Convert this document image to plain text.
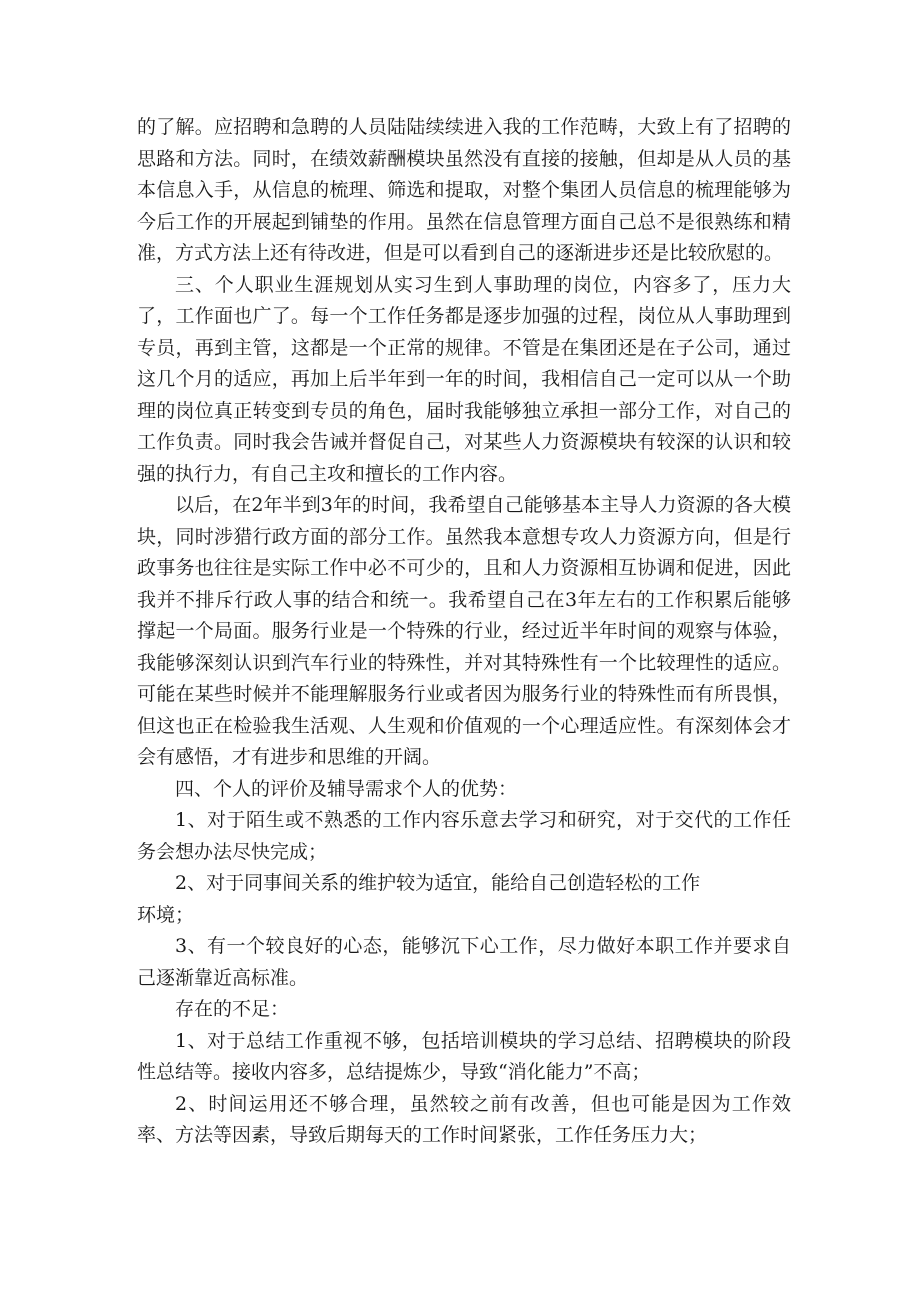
的了解。应招聘和急聘的人员陆陆续续进入我的工作范畴，大致上有了招聘的思路和方法。同时，在绩效薪酬模块虽然没有直接的接触，但却是从人员的基本信息入手，从信息的梳理、筛选和提取，对整个集团人员信息的梳理能够为今后工作的开展起到铺垫的作用。虽然在信息管理方面自己总不是很熟练和精准，方式方法上还有待改进，但是可以看到自己的逐渐进步还是比较欣慰的。

三、个人职业生涯规划从实习生到人事助理的岗位，内容多了，压力大了，工作面也广了。每一个工作任务都是逐步加强的过程，岗位从人事助理到专员，再到主管，这都是一个正常的规律。不管是在集团还是在子公司，通过这几个月的适应，再加上后半年到一年的时间，我相信自己一定可以从一个助理的岗位真正转变到专员的角色，届时我能够独立承担一部分工作，对自己的工作负责。同时我会告诫并督促自己，对某些人力资源模块有较深的认识和较强的执行力，有自己主攻和擅长的工作内容。

以后，在2年半到3年的时间，我希望自己能够基本主导人力资源的各大模块，同时涉猎行政方面的部分工作。虽然我本意想专攻人力资源方向，但是行政事务也往往是实际工作中必不可少的，且和人力资源相互协调和促进，因此我并不排斥行政人事的结合和统一。我希望自己在3年左右的工作积累后能够撑起一个局面。服务行业是一个特殊的行业，经过近半年时间的观察与体验，我能够深刻认识到汽车行业的特殊性，并对其特殊性有一个比较理性的适应。可能在某些时候并不能理解服务行业或者因为服务行业的特殊性而有所畏惧，但这也正在检验我生活观、人生观和价值观的一个心理适应性。有深刻体会才会有感悟，才有进步和思维的开阔。

四、个人的评价及辅导需求个人的优势：

1、对于陌生或不熟悉的工作内容乐意去学习和研究，对于交代的工作任务会想办法尽快完成；

2、对于同事间关系的维护较为适宜，能给自己创造轻松的工作

环境；

3、有一个较良好的心态，能够沉下心工作，尽力做好本职工作并要求自己逐渐靠近高标准。

存在的不足：

1、对于总结工作重视不够，包括培训模块的学习总结、招聘模块的阶段性总结等。接收内容多，总结提炼少，导致“消化能力”不高；

2、时间运用还不够合理，虽然较之前有改善，但也可能是因为工作效率、方法等因素，导致后期每天的工作时间紧张，工作任务压力大；
